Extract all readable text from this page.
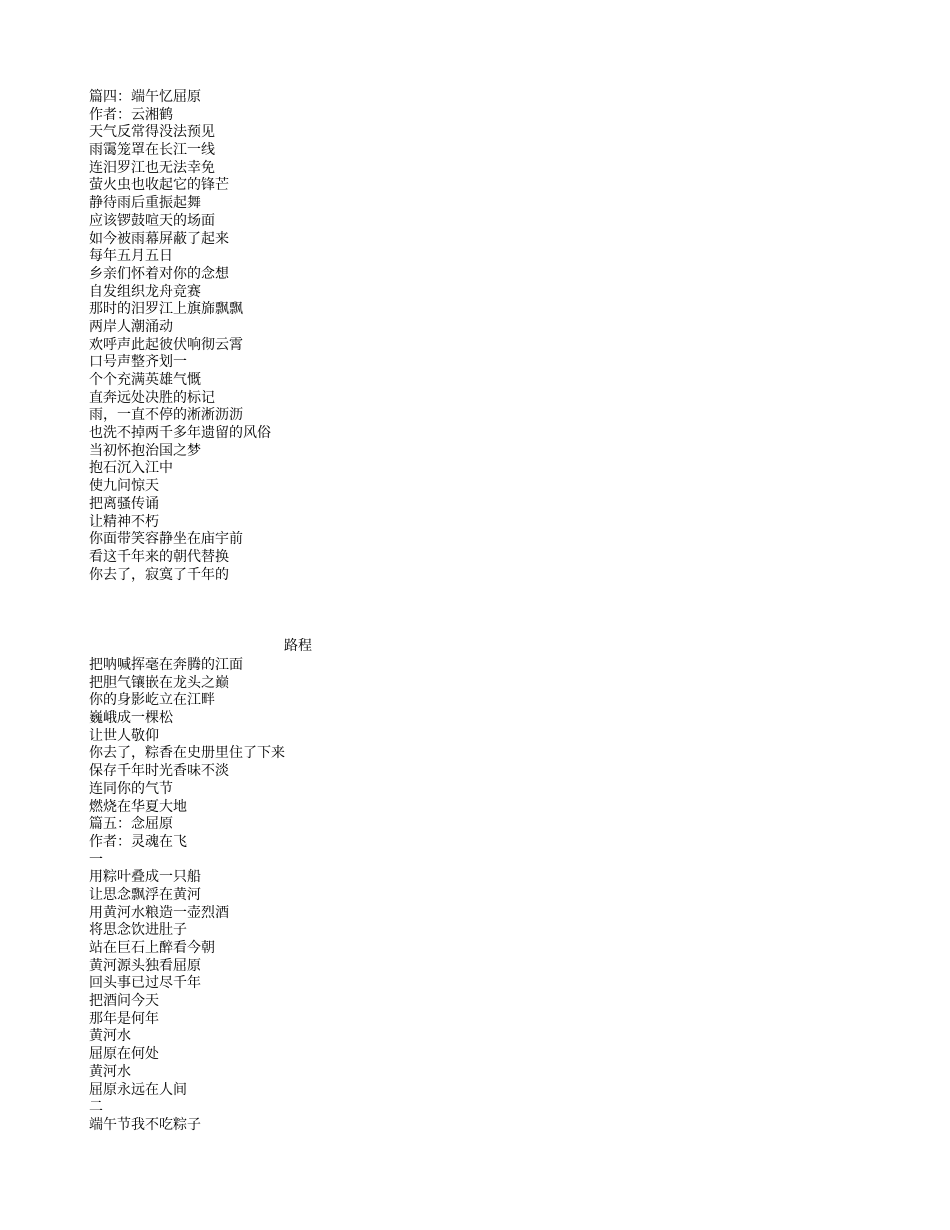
篇四：端午忆屈原
作者：云湘鹤
天气反常得没法预见
雨霭笼罩在长江一线
连汨罗江也无法幸免
萤火虫也收起它的锋芒
静待雨后重振起舞
应该锣鼓喧天的场面
如今被雨幕屏蔽了起来
每年五月五日
乡亲们怀着对你的念想
自发组织龙舟竞赛
那时的汨罗江上旗旆飘飘
两岸人潮涌动
欢呼声此起彼伏响彻云霄
口号声整齐划一
个个充满英雄气慨
直奔远处决胜的标记
雨，一直不停的淅淅沥沥
也洗不掉两千多年遗留的风俗
当初怀抱治国之梦
抱石沉入江中
使九问惊天
把离骚传诵
让精神不朽
你面带笑容静坐在庙宇前
看这千年来的朝代替换
你去了，寂寞了千年的
路程
把呐喊挥毫在奔腾的江面
把胆气镶嵌在龙头之巅
你的身影屹立在江畔
巍峨成一棵松
让世人敬仰
你去了，粽香在史册里住了下来
保存千年时光香味不淡
连同你的气节
燃烧在华夏大地
篇五：念屈原
作者：灵魂在飞
一
用粽叶叠成一只船
让思念飘浮在黄河
用黄河水粮造一壶烈酒
将思念饮进肚子
站在巨石上醉看今朝
黄河源头独看屈原
回头事已过尽千年
把酒问今天
那年是何年
黄河水
屈原在何处
黄河水
屈原永远在人间
二
端午节我不吃粽子
